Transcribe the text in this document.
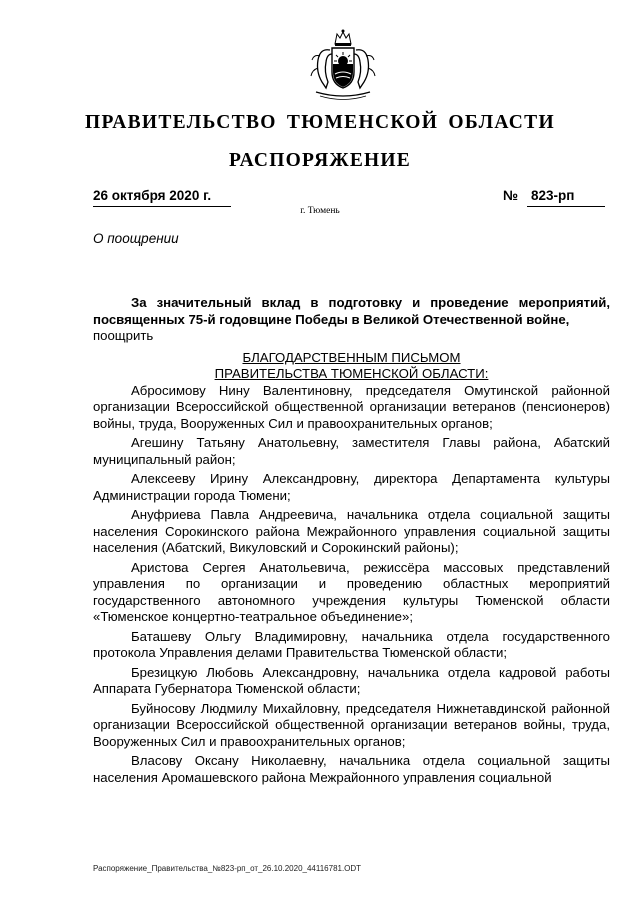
ПРАВИТЕЛЬСТВО ТЮМЕНСКОЙ ОБЛАСТИ
РАСПОРЯЖЕНИЕ
26 октября 2020 г.	№ 823-рп
г. Тюмень
О поощрении

За значительный вклад в подготовку и проведение мероприятий, посвященных 75-й годовщине Победы в Великой Отечественной войне,

поощрить

БЛАГОДАРСТВЕННЫМ ПИСЬМОМ
ПРАВИТЕЛЬСТВА ТЮМЕНСКОЙ ОБЛАСТИ:

Абросимову Нину Валентиновну, председателя Омутинской районной организации Всероссийской общественной организации ветеранов (пенсионеров) войны, труда, Вооруженных Сил и правоохранительных органов;

Агешину Татьяну Анатольевну, заместителя Главы района, Абатский муниципальный район;

Алексееву Ирину Александровну, директора Департамента культуры Администрации города Тюмени;

Ануфриева Павла Андреевича, начальника отдела социальной защиты населения Сорокинского района Межрайонного управления социальной защиты населения (Абатский, Викуловский и Сорокинский районы);

Аристова Сергея Анатольевича, режиссёра массовых представлений управления по организации и проведению областных мероприятий государственного автономного учреждения культуры Тюменской области «Тюменское концертно-театральное объединение»;

Баташеву Ольгу Владимировну, начальника отдела государственного протокола Управления делами Правительства Тюменской области;

Брезицкую Любовь Александровну, начальника отдела кадровой работы Аппарата Губернатора Тюменской области;

Буйносову Людмилу Михайловну, председателя Нижнетавдинской районной организации Всероссийской общественной организации ветеранов войны, труда, Вооруженных Сил и правоохранительных органов;

Власову Оксану Николаевну, начальника отдела социальной защиты населения Аромашевского района Межрайонного управления социальной

Распоряжение_Правительства_№823-рп_от_26.10.2020_44116781.ODT
